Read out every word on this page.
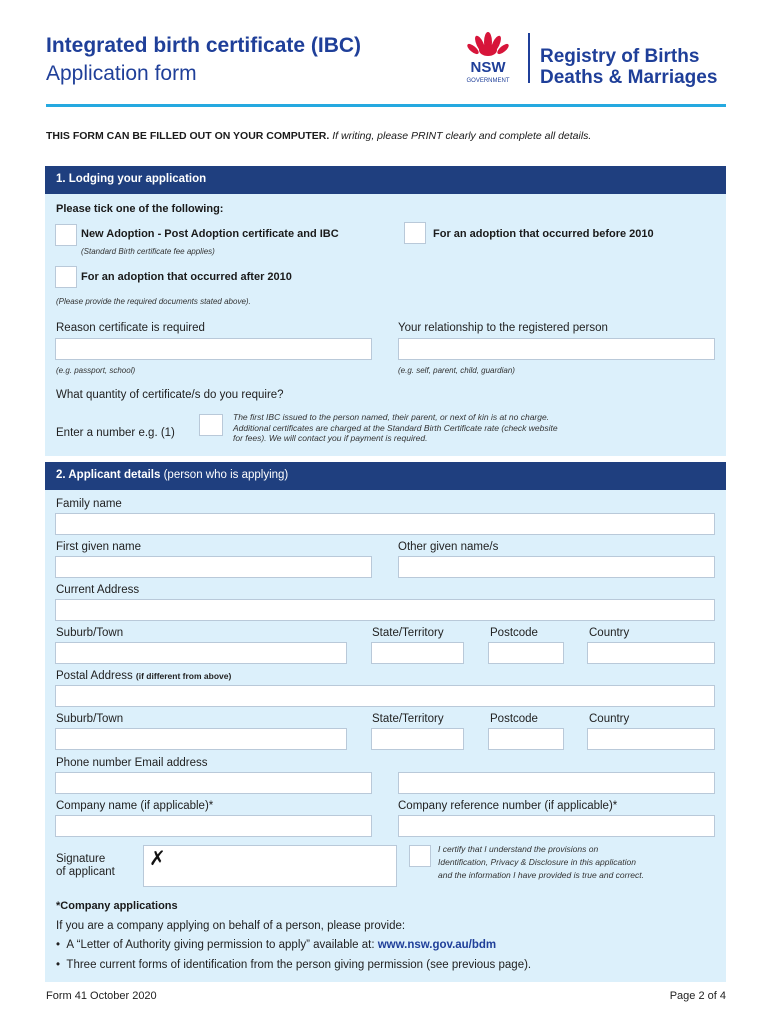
Integrated birth certificate (IBC)
Application form	NSW
GOVERNMENT
Registry of Births
Deaths & Marriages
THIS FORM CAN BE FILLED OUT ON YOUR COMPUTER. If writing, please PRINT clearly and complete all details.
1. Lodging your application
Please tick one of the following:
New Adoption - Post Adoption certificate and IBC
(Standard Birth certificate fee applies)
For an adoption that occurred before 2010
For an adoption that occurred after 2010
(Please provide the required documents stated above).
Reason certificate is required
(e.g. passport, school)
Your relationship to the registered person
(e.g. self, parent, child, guardian)
What quantity of certificate/s do you require?
Enter a number e.g. (1)
The first IBC issued to the person named, their parent, or next of kin is at no charge.
Additional certificates are charged at the Standard Birth Certificate rate (check website
for fees). We will contact you if payment is required.
2. Applicant details (person who is applying)
Family name
First given name	Other given name/s
Current Address
Suburb/Town	State/Territory	Postcode	Country
Postal Address (if different from above)
Suburb/Town	State/Territory	Postcode	Country
Phone number Email address
Company name (if applicable)*	Company reference number (if applicable)*
Signature
of applicant
✗	I certify that I understand the provisions on
Identification, Privacy & Disclosure in this application
and the information I have provided is true and correct.
*Company applications
If you are a company applying on behalf of a person, please provide:
•  A “Letter of Authority giving permission to apply” available at: www.nsw.gov.au/bdm
•  Three current forms of identification from the person giving permission (see previous page).
Form 41 October 2020	Page 2 of 4
